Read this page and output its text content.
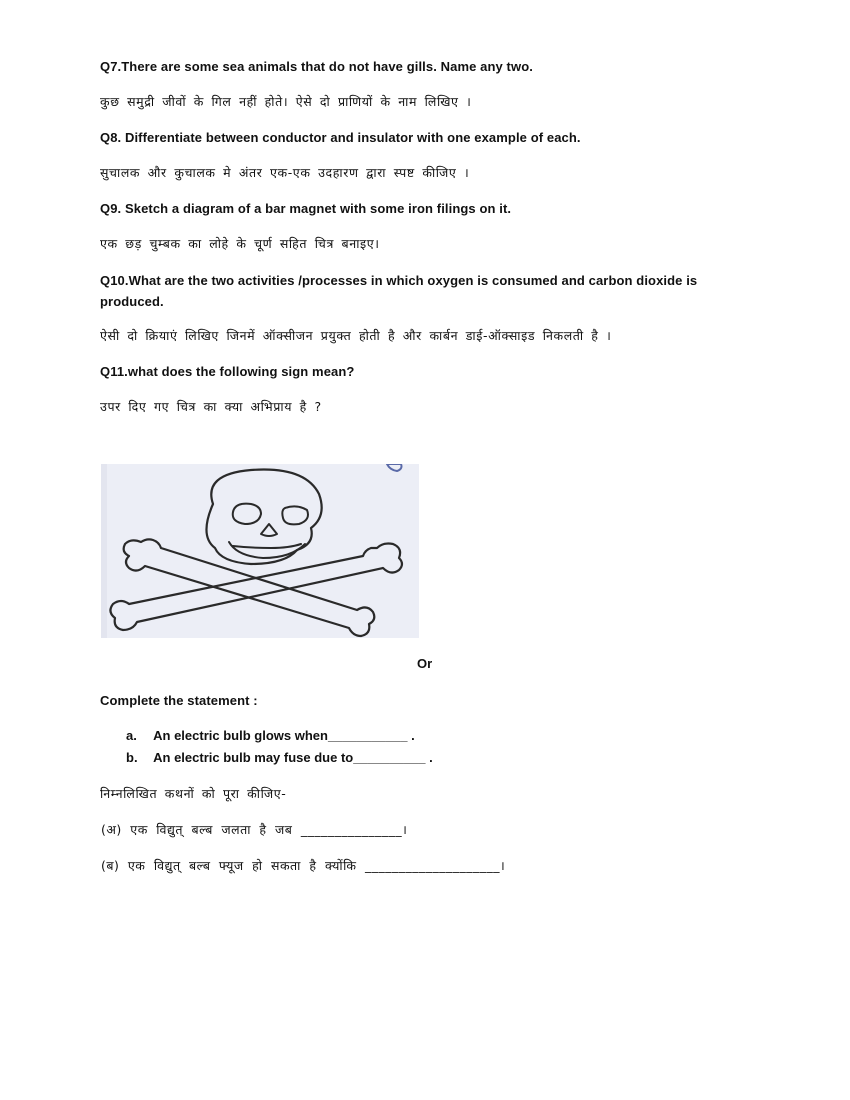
Q7.There are some sea animals that do not have gills. Name any two.
कुछ समुद्री जीवों के गिल नहीं होते। ऐसे दो प्राणियों के नाम लिखिए ।
Q8. Differentiate between conductor and insulator with one example of each.
सुचालक और कुचालक मे अंतर एक-एक उदहारण द्वारा स्पष्ट कीजिए ।
Q9. Sketch a diagram of a bar magnet with some iron filings on it.
एक छड़ चुम्बक का लोहे के चूर्ण सहित चित्र बनाइए।
Q10.What are the two activities /processes in which oxygen is consumed and carbon dioxide is produced.
ऐसी दो क्रियाएं लिखिए जिनमें ऑक्सीजन प्रयुक्त होती है और कार्बन डाई-ऑक्साइड निकलती है ।
Q11.what does the following sign mean?
उपर दिए गए चित्र का क्या अभिप्राय है ?
Or
Complete the statement :
a. An electric bulb glows when___________ .
b. An electric bulb may fuse due to__________ .
निम्नलिखित कथनों को पूरा कीजिए-
(अ) एक विद्युत् बल्ब जलता है जब _______________।
(ब) एक विद्युत् बल्ब फ्यूज हो सकता है क्योंकि ____________________।
